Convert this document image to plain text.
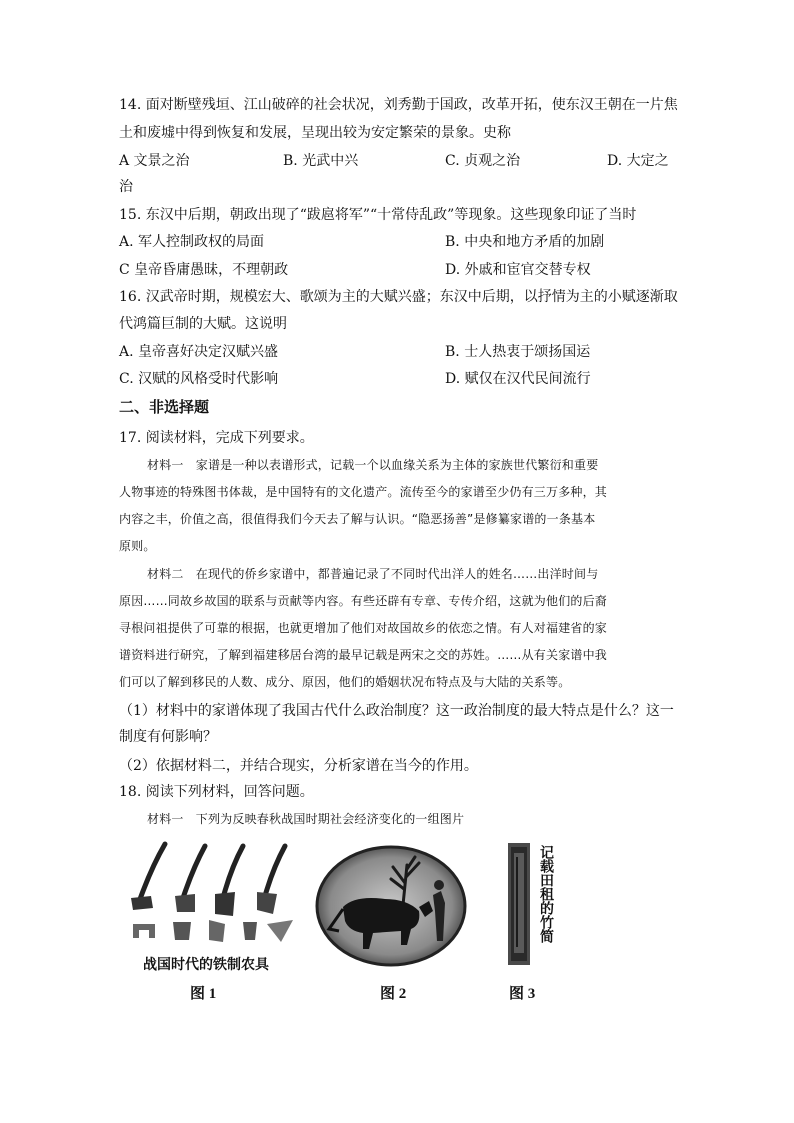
14. 面对断壁残垣、江山破碎的社会状况，刘秀勤于国政，改革开拓，使东汉王朝在一片焦
土和废墟中得到恢复和发展，呈现出较为安定繁荣的景象。史称
A 文景之治	B. 光武中兴	C. 贞观之治	D. 大定之
治
15. 东汉中后期，朝政出现了“跋扈将军”“十常侍乱政”等现象。这些现象印证了当时
A. 军人控制政权的局面	B. 中央和地方矛盾的加剧
C 皇帝昏庸愚昧，不理朝政	D. 外戚和宦官交替专权
16. 汉武帝时期，规模宏大、歌颂为主的大赋兴盛；东汉中后期，以抒情为主的小赋逐渐取
代鸿篇巨制的大赋。这说明
A. 皇帝喜好决定汉赋兴盛	B. 士人热衷于颂扬国运
C. 汉赋的风格受时代影响	D. 赋仅在汉代民间流行
二、非选择题
17. 阅读材料，完成下列要求。
材料一　家谱是一种以表谱形式，记载一个以血缘关系为主体的家族世代繁衍和重要
人物事迹的特殊图书体裁，是中国特有的文化遗产。流传至今的家谱至少仍有三万多种，其
内容之丰，价值之高，很值得我们今天去了解与认识。“隐恶扬善”是修纂家谱的一条基本
原则。
材料二　在现代的侨乡家谱中，都普遍记录了不同时代出洋人的姓名……出洋时间与
原因……同故乡故国的联系与贡献等内容。有些还辟有专章、专传介绍，这就为他们的后裔
寻根问祖提供了可靠的根据，也就更增加了他们对故国故乡的依恋之情。有人对福建省的家
谱资料进行研究，了解到福建移居台湾的最早记载是两宋之交的苏姓。……从有关家谱中我
们可以了解到移民的人数、成分、原因，他们的婚姻状况布特点及与大陆的关系等。
（1）材料中的家谱体现了我国古代什么政治制度？这一政治制度的最大特点是什么？这一
制度有何影响？
（2）依据材料二，并结合现实，分析家谱在当今的作用。
18. 阅读下列材料，回答问题。
材料一　下列为反映春秋战国时期社会经济变化的一组图片
战国时代的铁制农具
图 1	图 2
记载田租的竹简
图 3
